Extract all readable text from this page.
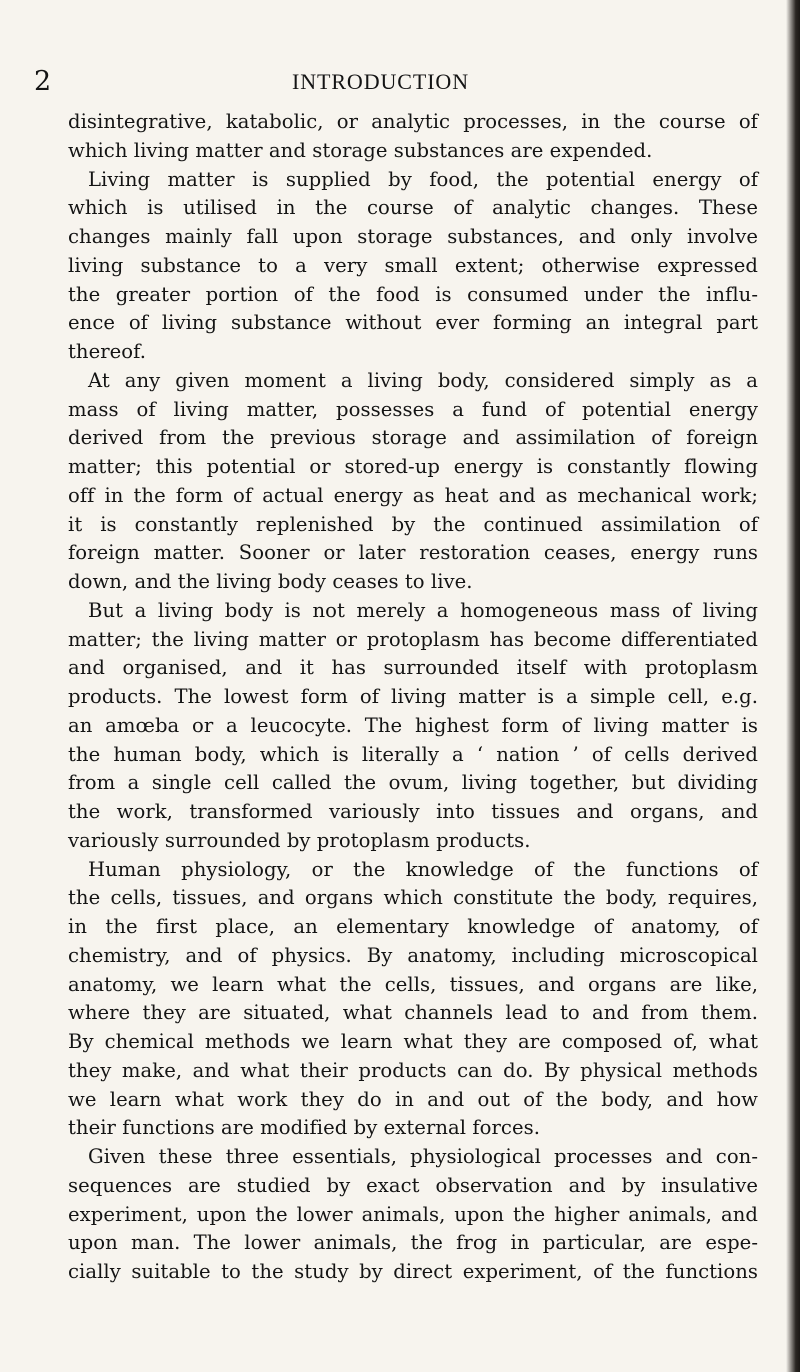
2	INTRODUCTION
disintegrative, katabolic, or analytic processes, in the course of
which living matter and storage substances are expended.
Living matter is supplied by food, the potential energy of
which is utilised in the course of analytic changes. These
changes mainly fall upon storage substances, and only involve
living substance to a very small extent; otherwise expressed
the greater portion of the food is consumed under the influ-
ence of living substance without ever forming an integral part
thereof.
At any given moment a living body, considered simply as a
mass of living matter, possesses a fund of potential energy
derived from the previous storage and assimilation of foreign
matter; this potential or stored-up energy is constantly flowing
off in the form of actual energy as heat and as mechanical work;
it is constantly replenished by the continued assimilation of
foreign matter. Sooner or later restoration ceases, energy runs
down, and the living body ceases to live.
But a living body is not merely a homogeneous mass of living
matter; the living matter or protoplasm has become differentiated
and organised, and it has surrounded itself with protoplasm
products. The lowest form of living matter is a simple cell, e.g.
an amœba or a leucocyte. The highest form of living matter is
the human body, which is literally a ‘ nation ’ of cells derived
from a single cell called the ovum, living together, but dividing
the work, transformed variously into tissues and organs, and
variously surrounded by protoplasm products.
Human physiology, or the knowledge of the functions of
the cells, tissues, and organs which constitute the body, requires,
in the first place, an elementary knowledge of anatomy, of
chemistry, and of physics. By anatomy, including microscopical
anatomy, we learn what the cells, tissues, and organs are like,
where they are situated, what channels lead to and from them.
By chemical methods we learn what they are composed of, what
they make, and what their products can do. By physical methods
we learn what work they do in and out of the body, and how
their functions are modified by external forces.
Given these three essentials, physiological processes and con-
sequences are studied by exact observation and by insulative
experiment, upon the lower animals, upon the higher animals, and
upon man. The lower animals, the frog in particular, are espe-
cially suitable to the study by direct experiment, of the functions
